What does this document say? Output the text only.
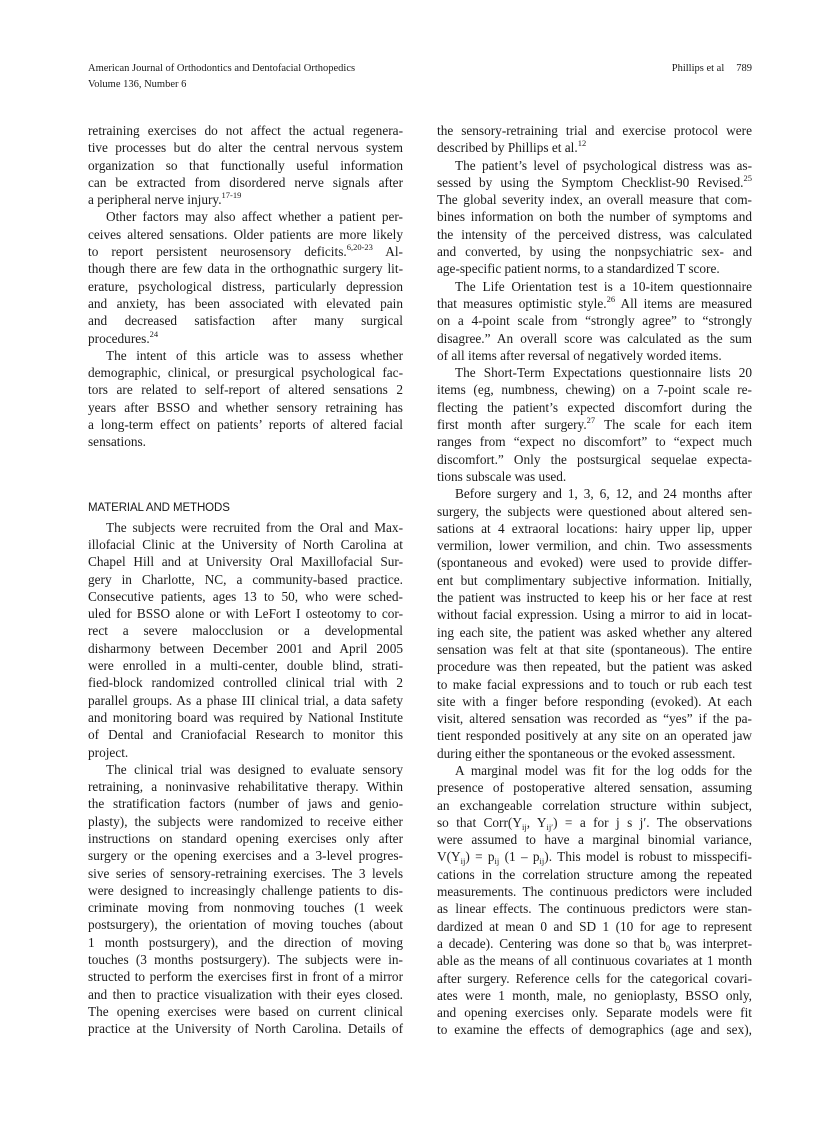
American Journal of Orthodontics and Dentofacial Orthopedics
Volume 136, Number 6
Phillips et al 789
retraining exercises do not affect the actual regenera-
tive processes but do alter the central nervous system
organization so that functionally useful information
can be extracted from disordered nerve signals after
a peripheral nerve injury.$^{17-19}$
Other factors may also affect whether a patient per-
ceives altered sensations. Older patients are more likely
to report persistent neurosensory deficits.$^{6,20-23}$ Al-
though there are few data in the orthognathic surgery lit-
erature, psychological distress, particularly depression
and anxiety, has been associated with elevated pain
and decreased satisfaction after many surgical
procedures.$^{24}$
The intent of this article was to assess whether
demographic, clinical, or presurgical psychological fac-
tors are related to self-report of altered sensations 2
years after BSSO and whether sensory retraining has
a long-term effect on patients’ reports of altered facial
sensations.
MATERIAL AND METHODS
The subjects were recruited from the Oral and Max-
illofacial Clinic at the University of North Carolina at
Chapel Hill and at University Oral Maxillofacial Sur-
gery in Charlotte, NC, a community-based practice.
Consecutive patients, ages 13 to 50, who were sched-
uled for BSSO alone or with LeFort I osteotomy to cor-
rect a severe malocclusion or a developmental
disharmony between December 2001 and April 2005
were enrolled in a multi-center, double blind, strati-
fied-block randomized controlled clinical trial with 2
parallel groups. As a phase III clinical trial, a data safety
and monitoring board was required by National Institute
of Dental and Craniofacial Research to monitor this
project.
The clinical trial was designed to evaluate sensory
retraining, a noninvasive rehabilitative therapy. Within
the stratification factors (number of jaws and genio-
plasty), the subjects were randomized to receive either
instructions on standard opening exercises only after
surgery or the opening exercises and a 3-level progres-
sive series of sensory-retraining exercises. The 3 levels
were designed to increasingly challenge patients to dis-
criminate moving from nonmoving touches (1 week
postsurgery), the orientation of moving touches (about
1 month postsurgery), and the direction of moving
touches (3 months postsurgery). The subjects were in-
structed to perform the exercises first in front of a mirror
and then to practice visualization with their eyes closed.
The opening exercises were based on current clinical
practice at the University of North Carolina. Details of
the sensory-retraining trial and exercise protocol were
described by Phillips et al.$^{12}$
The patient’s level of psychological distress was as-
sessed by using the Symptom Checklist-90 Revised.$^{25}$
The global severity index, an overall measure that com-
bines information on both the number of symptoms and
the intensity of the perceived distress, was calculated
and converted, by using the nonpsychiatric sex- and
age-specific patient norms, to a standardized T score.
The Life Orientation test is a 10-item questionnaire
that measures optimistic style.$^{26}$ All items are measured
on a 4-point scale from “strongly agree” to “strongly
disagree.” An overall score was calculated as the sum
of all items after reversal of negatively worded items.
The Short-Term Expectations questionnaire lists 20
items (eg, numbness, chewing) on a 7-point scale re-
flecting the patient’s expected discomfort during the
first month after surgery.$^{27}$ The scale for each item
ranges from “expect no discomfort” to “expect much
discomfort.” Only the postsurgical sequelae expecta-
tions subscale was used.
Before surgery and 1, 3, 6, 12, and 24 months after
surgery, the subjects were questioned about altered sen-
sations at 4 extraoral locations: hairy upper lip, upper
vermilion, lower vermilion, and chin. Two assessments
(spontaneous and evoked) were used to provide differ-
ent but complimentary subjective information. Initially,
the patient was instructed to keep his or her face at rest
without facial expression. Using a mirror to aid in locat-
ing each site, the patient was asked whether any altered
sensation was felt at that site (spontaneous). The entire
procedure was then repeated, but the patient was asked
to make facial expressions and to touch or rub each test
site with a finger before responding (evoked). At each
visit, altered sensation was recorded as “yes” if the pa-
tient responded positively at any site on an operated jaw
during either the spontaneous or the evoked assessment.
A marginal model was fit for the log odds for the
presence of postoperative altered sensation, assuming
an exchangeable correlation structure within subject,
so that $Corr(Y_{ij}$, $Y_{ij'}) = a$ for j s j′. The observations
were assumed to have a marginal binomial variance,
$V(Y_{ij}) = p_{ij}$ $(1 - p_{ij})$. This model is robust to misspecifi-
cations in the correlation structure among the repeated
measurements. The continuous predictors were included
as linear effects. The continuous predictors were stan-
dardized at mean 0 and SD 1 (10 for age to represent
a decade). Centering was done so that $b_0$ was interpret-
able as the means of all continuous covariates at 1 month
after surgery. Reference cells for the categorical covari-
ates were 1 month, male, no genioplasty, BSSO only,
and opening exercises only. Separate models were fit
to examine the effects of demographics (age and sex),
